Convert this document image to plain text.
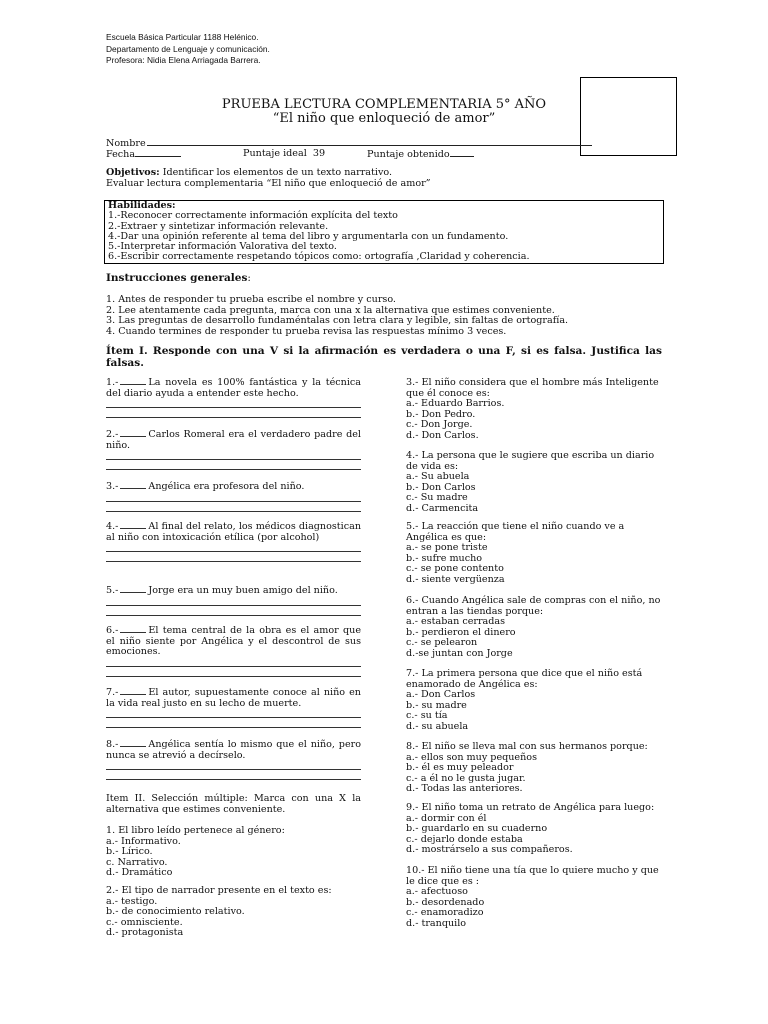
Escuela Básica Particular 1188 Helénico.
Departamento de Lenguaje y comunicación.
Profesora: Nidia Elena Arriagada Barrera.
PRUEBA LECTURA COMPLEMENTARIA 5° AÑO
“El niño que enloqueció de amor”
Nombre
Fecha	Puntaje ideal 39	Puntaje obtenido
Objetivos: Identificar los elementos de un texto narrativo.
Evaluar lectura complementaria “El niño que enloqueció de amor”
Habilidades:
1.-Reconocer correctamente información explícita del texto
2.-Extraer y sintetizar información relevante.
4.-Dar una opinión referente al tema del libro y argumentarla con un fundamento.
5.-Interpretar información Valorativa del texto.
6.-Escribir correctamente respetando tópicos como: ortografía ,Claridad y coherencia.
Instrucciones generales:
1. Antes de responder tu prueba escribe el nombre y curso.
2. Lee atentamente cada pregunta, marca con una x la alternativa que estimes conveniente.
3. Las preguntas de desarrollo fundaméntalas con letra clara y legible, sin faltas de ortografía.
4. Cuando termines de responder tu prueba revisa las respuestas mínimo 3 veces.
Ítem I. Responde con una V si la afirmación es verdadera o una F, si es falsa. Justifica las falsas.
1.-	La novela es 100% fantástica y la técnica del diario ayuda a entender este hecho.
2.-	Carlos Romeral era el verdadero padre del niño.
3.-	Angélica era profesora del niño.
4.-	Al final del relato, los médicos diagnostican al niño con intoxicación etílica (por alcohol)
5.-	Jorge era un muy buen amigo del niño.
6.-	El tema central de la obra es el amor que el niño siente por Angélica y el descontrol de sus emociones.
7.-	El autor, supuestamente conoce al niño en la vida real justo en su lecho de muerte.
8.-	Angélica sentía lo mismo que el niño, pero nunca se atrevió a decírselo.
Item II. Selección múltiple: Marca con una X la alternativa que estimes conveniente.
1. El libro leído pertenece al género:
a.- Informativo.
b.- Lírico.
c. Narrativo.
d.- Dramático
2.- El tipo de narrador presente en el texto es:
a.- testigo.
b.- de conocimiento relativo.
c.- omnisciente.
d.- protagonista
3.- El niño considera que el hombre más Inteligente que él conoce es:
a.- Eduardo Barrios.
b.- Don Pedro.
c.- Don Jorge.
d.- Don Carlos.
4.- La persona que le sugiere que escriba un diario de vida es:
a.- Su abuela
b.- Don Carlos
c.- Su madre
d.- Carmencita
5.- La reacción que tiene el niño cuando ve a Angélica es que:
a.- se pone triste
b.- sufre mucho
c.- se pone contento
d.- siente vergüenza
6.- Cuando Angélica sale de compras con el niño, no entran a las tiendas porque:
a.- estaban cerradas
b.- perdieron el dinero
c.- se pelearon
d.-se juntan con Jorge
7.- La primera persona que dice que el niño está enamorado de Angélica es:
a.- Don Carlos
b.- su madre
c.- su tía
d.- su abuela
8.- El niño se lleva mal con sus hermanos porque:
a.- ellos son muy pequeños
b.- él es muy peleador
c.- a él no le gusta jugar.
d.- Todas las anteriores.
9.- El niño toma un retrato de Angélica para luego:
a.- dormir con él
b.- guardarlo en su cuaderno
c.- dejarlo donde estaba
d.- mostrárselo a sus compañeros.
10.- El niño tiene una tía que lo quiere mucho y que le dice que es :
a.- afectuoso
b.- desordenado
c.- enamoradizo
d.- tranquilo
